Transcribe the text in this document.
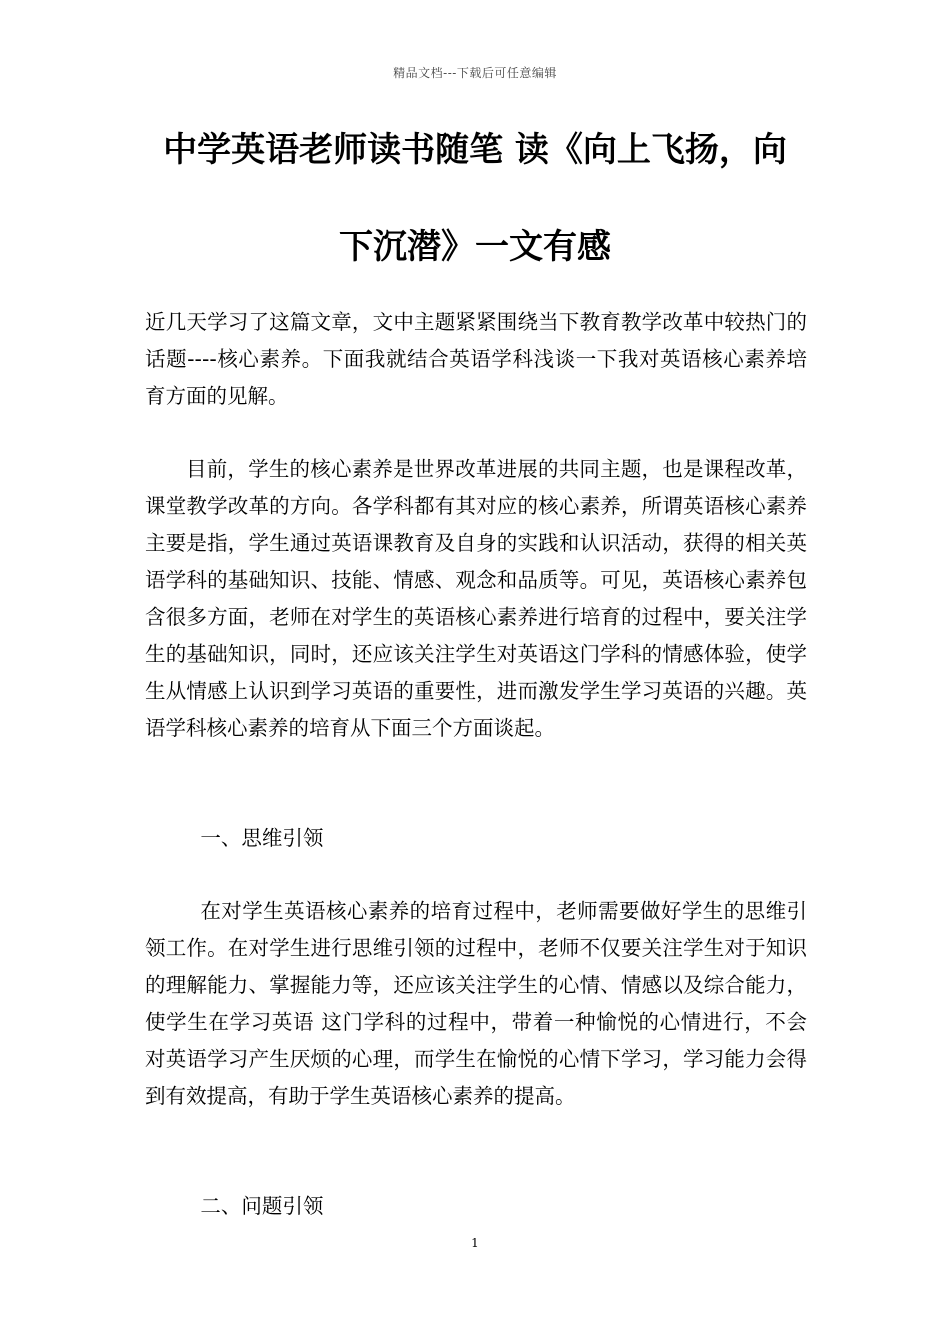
精品文档---下载后可任意编辑
中学英语老师读书随笔 读《向上飞扬，向
下沉潜》一文有感
近几天学习了这篇文章，文中主题紧紧围绕当下教育教学改革中较热门的话题----核心素养。下面我就结合英语学科浅谈一下我对英语核心素养培育方面的见解。
目前，学生的核心素养是世界改革进展的共同主题，也是课程改革，课堂教学改革的方向。各学科都有其对应的核心素养，所谓英语核心素养主要是指，学生通过英语课教育及自身的实践和认识活动，获得的相关英语学科的基础知识、技能、情感、观念和品质等。可见，英语核心素养包含很多方面，老师在对学生的英语核心素养进行培育的过程中，要关注学生的基础知识，同时，还应该关注学生对英语这门学科的情感体验，使学生从情感上认识到学习英语的重要性，进而激发学生学习英语的兴趣。英语学科核心素养的培育从下面三个方面谈起。
一、思维引领
在对学生英语核心素养的培育过程中，老师需要做好学生的思维引领工作。在对学生进行思维引领的过程中，老师不仅要关注学生对于知识的理解能力、掌握能力等，还应该关注学生的心情、情感以及综合能力，使学生在学习英语 这门学科的过程中，带着一种愉悦的心情进行，不会对英语学习产生厌烦的心理，而学生在愉悦的心情下学习，学习能力会得到有效提高，有助于学生英语核心素养的提高。
二、问题引领
1
